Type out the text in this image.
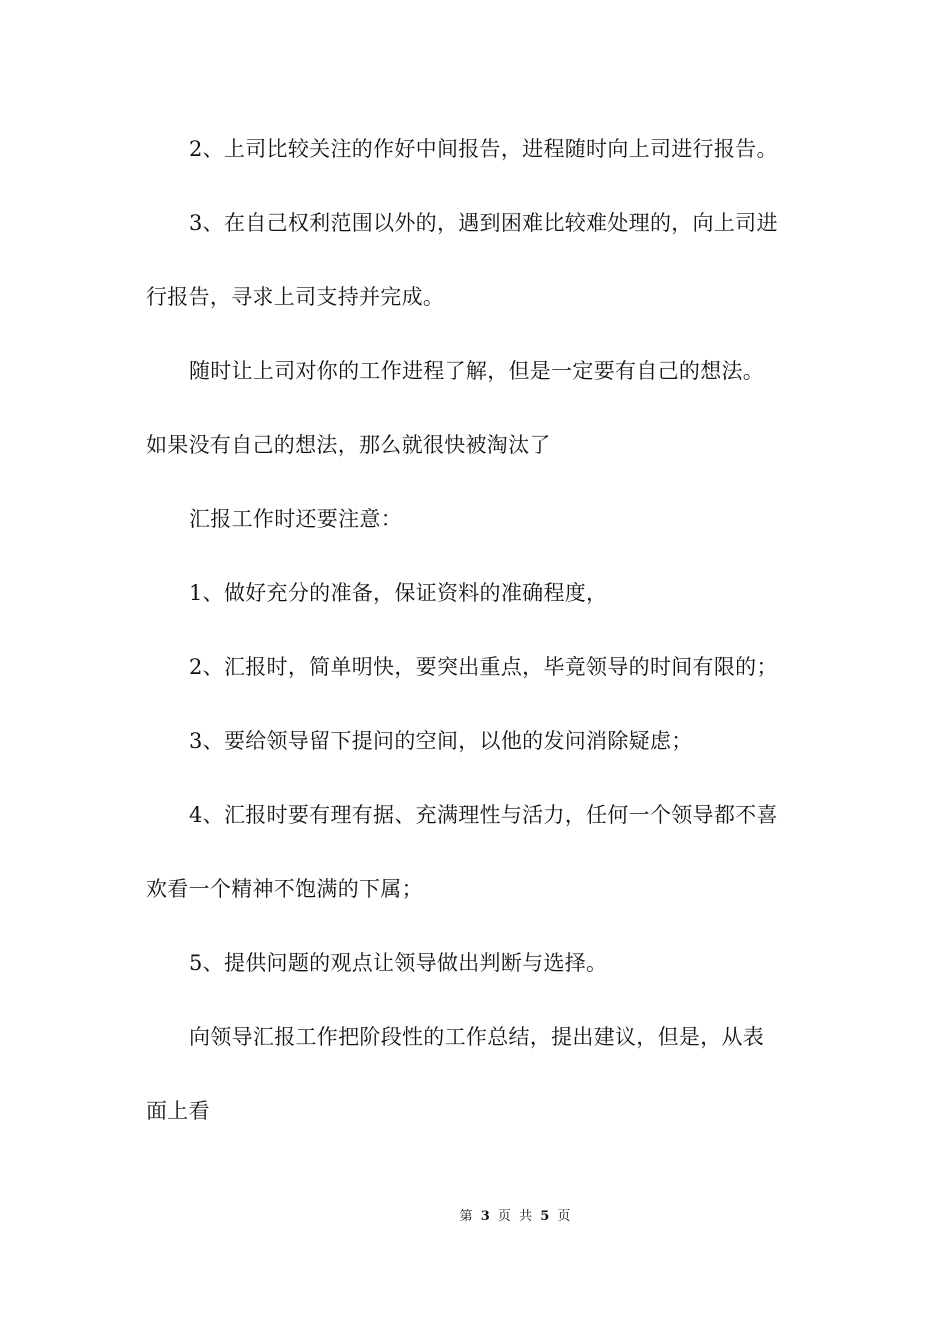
2、上司比较关注的作好中间报告，进程随时向上司进行报告。
3、在自己权利范围以外的，遇到困难比较难处理的，向上司进
行报告，寻求上司支持并完成。
随时让上司对你的工作进程了解，但是一定要有自己的想法。
如果没有自己的想法，那么就很快被淘汰了
汇报工作时还要注意：
1、做好充分的准备，保证资料的准确程度，
2、汇报时，简单明快，要突出重点，毕竟领导的时间有限的；
3、要给领导留下提问的空间，以他的发问消除疑虑；
4、汇报时要有理有据、充满理性与活力，任何一个领导都不喜
欢看一个精神不饱满的下属；
5、提供问题的观点让领导做出判断与选择。
向领导汇报工作把阶段性的工作总结，提出建议，但是，从表
面上看
第 3 页 共 5 页
